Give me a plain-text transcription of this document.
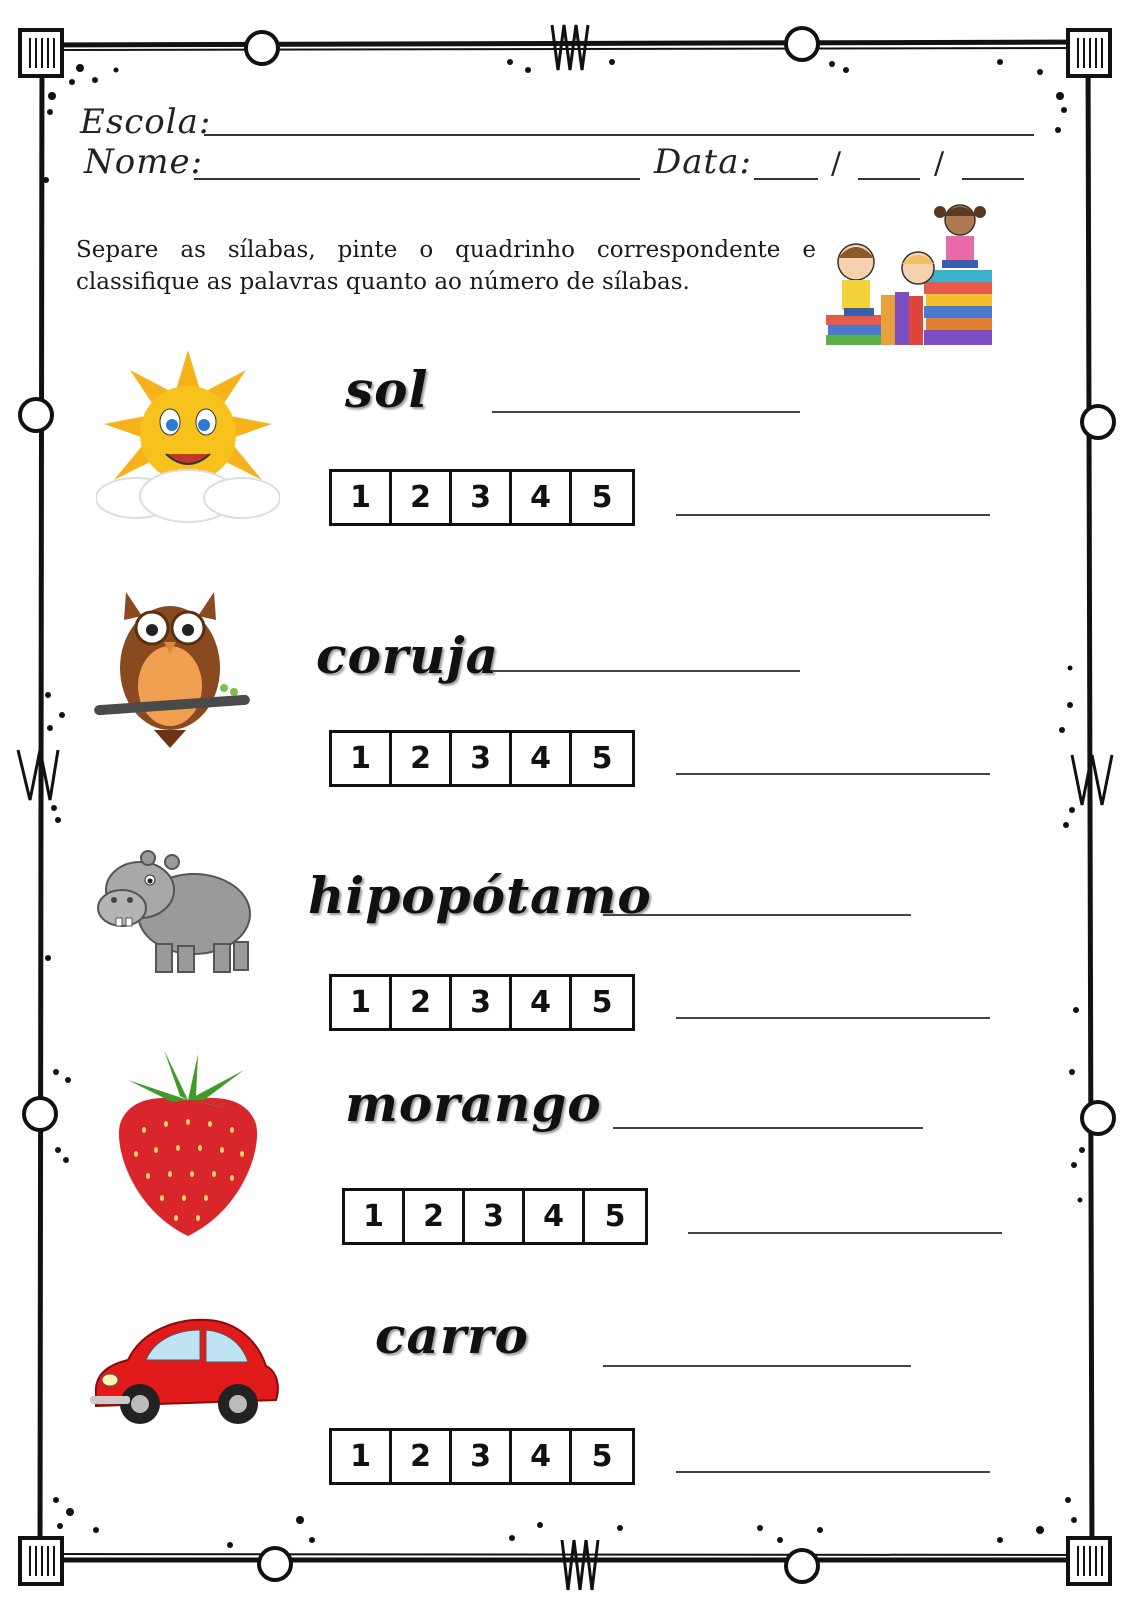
Escola:
Nome:	Data:	/	/
Separe as sílabas, pinte o quadrinho correspondente e classifique as palavras quanto ao número de sílabas.
sol
1	2	3	4	5
coruja
1	2	3	4	5
hipopótamo
1	2	3	4	5
morango
1	2	3	4	5
carro
1	2	3	4	5
